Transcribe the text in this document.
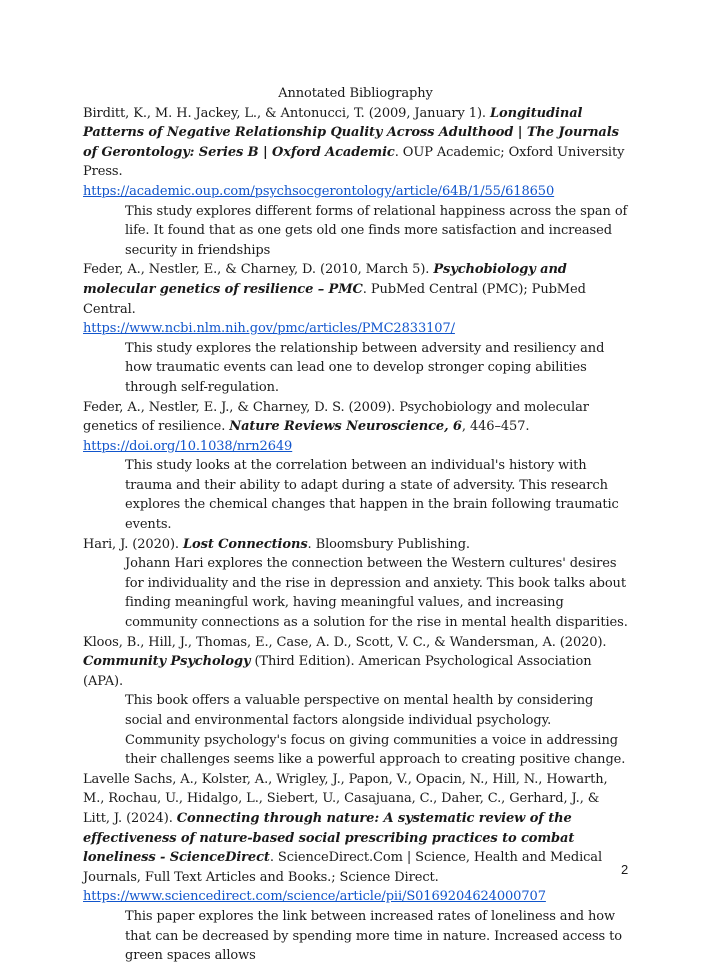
Annotated Bibliography
Birditt, K., M. H. Jackey, L., & Antonucci, T. (2009, January 1). Longitudinal Patterns of Negative Relationship Quality Across Adulthood | The Journals of Gerontology: Series B | Oxford Academic. OUP Academic; Oxford University Press.
https://academic.oup.com/psychsocgerontology/article/64B/1/55/618650
This study explores different forms of relational happiness across the span of life. It found that as one gets old one finds more satisfaction and increased security in friendships
Feder, A., Nestler, E., & Charney, D. (2010, March 5). Psychobiology and molecular genetics of resilience – PMC. PubMed Central (PMC); PubMed Central.
https://www.ncbi.nlm.nih.gov/pmc/articles/PMC2833107/
This study explores the relationship between adversity and resiliency and how traumatic events can lead one to develop stronger coping abilities through self-regulation.
Feder, A., Nestler, E. J., & Charney, D. S. (2009). Psychobiology and molecular genetics of resilience. Nature Reviews Neuroscience, 6, 446–457. https://doi.org/10.1038/nrn2649
This study looks at the correlation between an individual's history with trauma and their ability to adapt during a state of adversity. This research explores the chemical changes that happen in the brain following traumatic events.
Hari, J. (2020). Lost Connections. Bloomsbury Publishing.
Johann Hari explores the connection between the Western cultures' desires for individuality and the rise in depression and anxiety. This book talks about finding meaningful work, having meaningful values, and increasing community connections as a solution for the rise in mental health disparities.
Kloos, B., Hill, J., Thomas, E., Case, A. D., Scott, V. C., & Wandersman, A. (2020). Community Psychology (Third Edition). American Psychological Association (APA).
This book offers a valuable perspective on mental health by considering social and environmental factors alongside individual psychology. Community psychology's focus on giving communities a voice in addressing their challenges seems like a powerful approach to creating positive change.
Lavelle Sachs, A., Kolster, A., Wrigley, J., Papon, V., Opacin, N., Hill, N., Howarth, M., Rochau, U., Hidalgo, L., Siebert, U., Casajuana, C., Daher, C., Gerhard, J., & Litt, J. (2024). Connecting through nature: A systematic review of the effectiveness of nature-based social prescribing practices to combat loneliness - ScienceDirect. ScienceDirect.Com | Science, Health and Medical Journals, Full Text Articles and Books.; Science Direct.
https://www.sciencedirect.com/science/article/pii/S0169204624000707
This paper explores the link between increased rates of loneliness and how that can be decreased by spending more time in nature. Increased access to green spaces allows
2
